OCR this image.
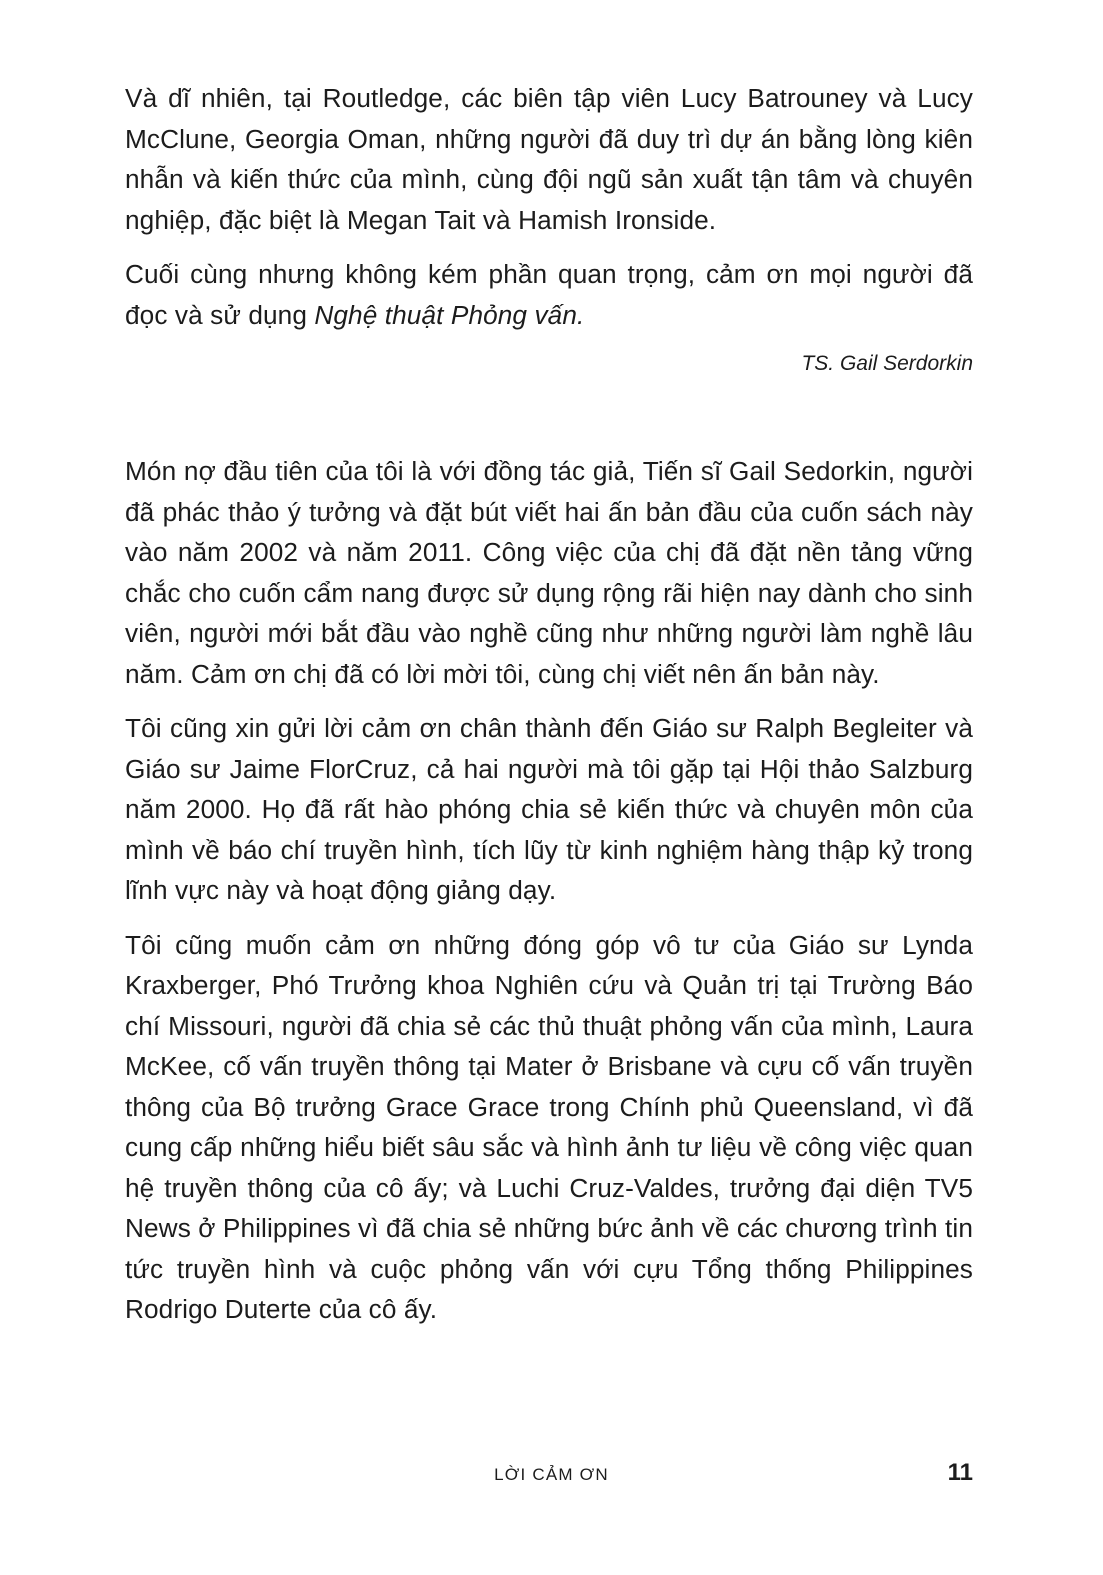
Và dĩ nhiên, tại Routledge, các biên tập viên Lucy Batrouney và Lucy McClune, Georgia Oman, những người đã duy trì dự án bằng lòng kiên nhẫn và kiến thức của mình, cùng đội ngũ sản xuất tận tâm và chuyên nghiệp, đặc biệt là Megan Tait và Hamish Ironside.

Cuối cùng nhưng không kém phần quan trọng, cảm ơn mọi người đã đọc và sử dụng Nghệ thuật Phỏng vấn.

TS. Gail Serdorkin

Món nợ đầu tiên của tôi là với đồng tác giả, Tiến sĩ Gail Sedorkin, người đã phác thảo ý tưởng và đặt bút viết hai ấn bản đầu của cuốn sách này vào năm 2002 và năm 2011. Công việc của chị đã đặt nền tảng vững chắc cho cuốn cẩm nang được sử dụng rộng rãi hiện nay dành cho sinh viên, người mới bắt đầu vào nghề cũng như những người làm nghề lâu năm. Cảm ơn chị đã có lời mời tôi, cùng chị viết nên ấn bản này.

Tôi cũng xin gửi lời cảm ơn chân thành đến Giáo sư Ralph Begleiter và Giáo sư Jaime FlorCruz, cả hai người mà tôi gặp tại Hội thảo Salzburg năm 2000. Họ đã rất hào phóng chia sẻ kiến thức và chuyên môn của mình về báo chí truyền hình, tích lũy từ kinh nghiệm hàng thập kỷ trong lĩnh vực này và hoạt động giảng dạy.

Tôi cũng muốn cảm ơn những đóng góp vô tư của Giáo sư Lynda Kraxberger, Phó Trưởng khoa Nghiên cứu và Quản trị tại Trường Báo chí Missouri, người đã chia sẻ các thủ thuật phỏng vấn của mình, Laura McKee, cố vấn truyền thông tại Mater ở Brisbane và cựu cố vấn truyền thông của Bộ trưởng Grace Grace trong Chính phủ Queensland, vì đã cung cấp những hiểu biết sâu sắc và hình ảnh tư liệu về công việc quan hệ truyền thông của cô ấy; và Luchi Cruz-Valdes, trưởng đại diện TV5 News ở Philippines vì đã chia sẻ những bức ảnh về các chương trình tin tức truyền hình và cuộc phỏng vấn với cựu Tổng thống Philippines Rodrigo Duterte của cô ấy.

LỜI CẢM ƠN	11
